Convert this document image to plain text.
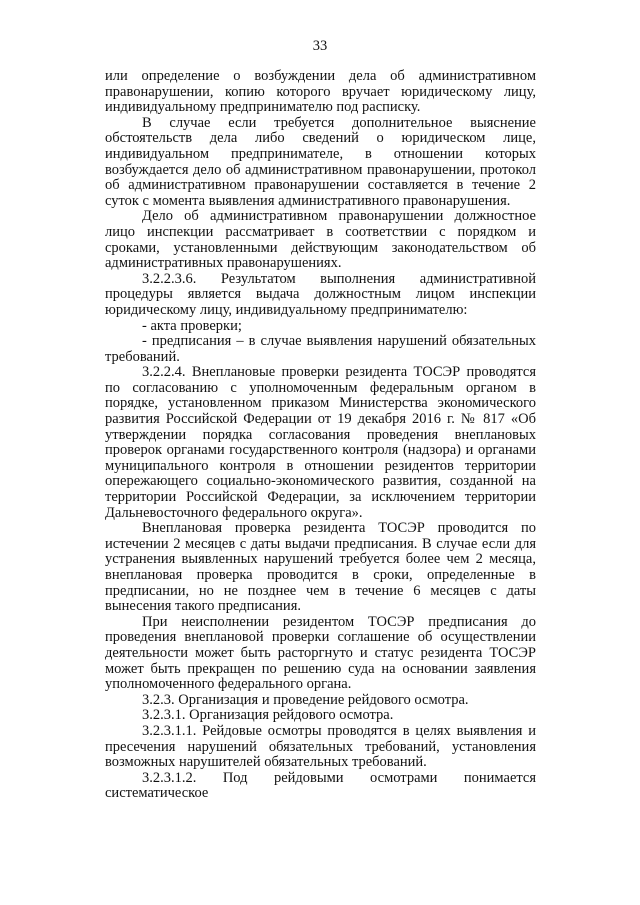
33

или определение о возбуждении дела об административном правонарушении, копию которого вручает юридическому лицу, индивидуальному предпринимателю под расписку.

В случае если требуется дополнительное выяснение обстоятельств дела либо сведений о юридическом лице, индивидуальном предпринимателе, в отношении которых возбуждается дело об административном правонарушении, протокол об административном правонарушении составляется в течение 2 суток с момента выявления административного правонарушения.

Дело об административном правонарушении должностное лицо инспекции рассматривает в соответствии с порядком и сроками, установленными действующим законодательством об административных правонарушениях.

3.2.2.3.6. Результатом выполнения административной процедуры является выдача должностным лицом инспекции юридическому лицу, индивидуальному предпринимателю:

- акта проверки;

- предписания – в случае выявления нарушений обязательных требований.

3.2.2.4. Внеплановые проверки резидента ТОСЭР проводятся по согласованию с уполномоченным федеральным органом в порядке, установленном приказом Министерства экономического развития Российской Федерации от 19 декабря 2016 г. № 817 «Об утверждении порядка согласования проведения внеплановых проверок органами государственного контроля (надзора) и органами муниципального контроля в отношении резидентов территории опережающего социально-экономического развития, созданной на территории Российской Федерации, за исключением территории Дальневосточного федерального округа».

Внеплановая проверка резидента ТОСЭР проводится по истечении 2 месяцев с даты выдачи предписания. В случае если для устранения выявленных нарушений требуется более чем 2 месяца, внеплановая проверка проводится в сроки, определенные в предписании, но не позднее чем в течение 6 месяцев с даты вынесения такого предписания.

При неисполнении резидентом ТОСЭР предписания до проведения внеплановой проверки соглашение об осуществлении деятельности может быть расторгнуто и статус резидента ТОСЭР может быть прекращен по решению суда на основании заявления уполномоченного федерального органа.

3.2.3. Организация и проведение рейдового осмотра.

3.2.3.1. Организация рейдового осмотра.

3.2.3.1.1. Рейдовые осмотры проводятся в целях выявления и пресечения нарушений обязательных требований, установления возможных нарушителей обязательных требований.

3.2.3.1.2. Под рейдовыми осмотрами понимается систематическое
